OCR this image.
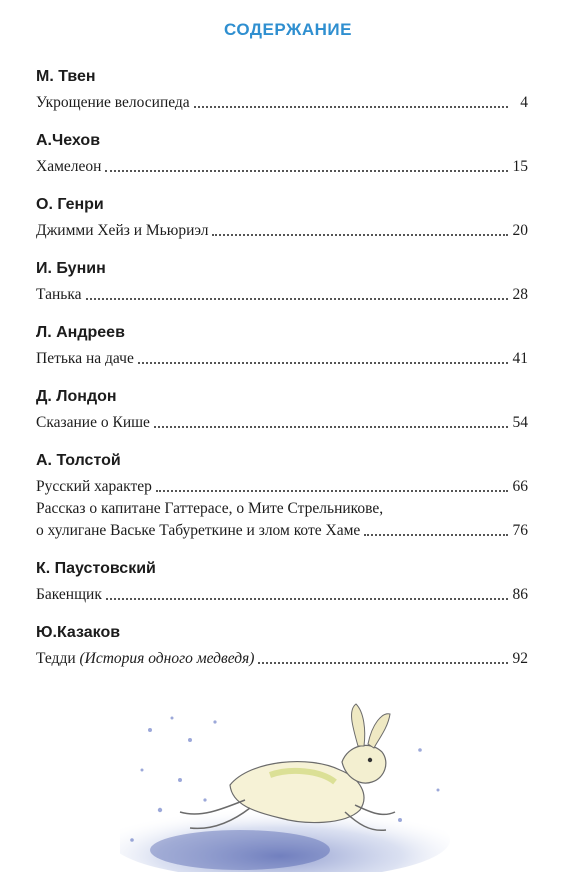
СОДЕРЖАНИЕ
М. Твен
Укрощение велосипеда	4
А.Чехов
Хамелеон	15
О. Генри
Джимми Хейз и Мьюриэл	20
И. Бунин
Танька	28
Л. Андреев
Петька на даче	41
Д. Лондон
Сказание о Кише	54
А. Толстой
Русский характер	66
Рассказ о капитане Гаттерасе, о Мите Стрельникове,
о хулигане Ваське Табуреткине и злом коте Хаме	76
К. Паустовский
Бакенщик	86
Ю.Казаков
Тедди (История одного медведя)	92
